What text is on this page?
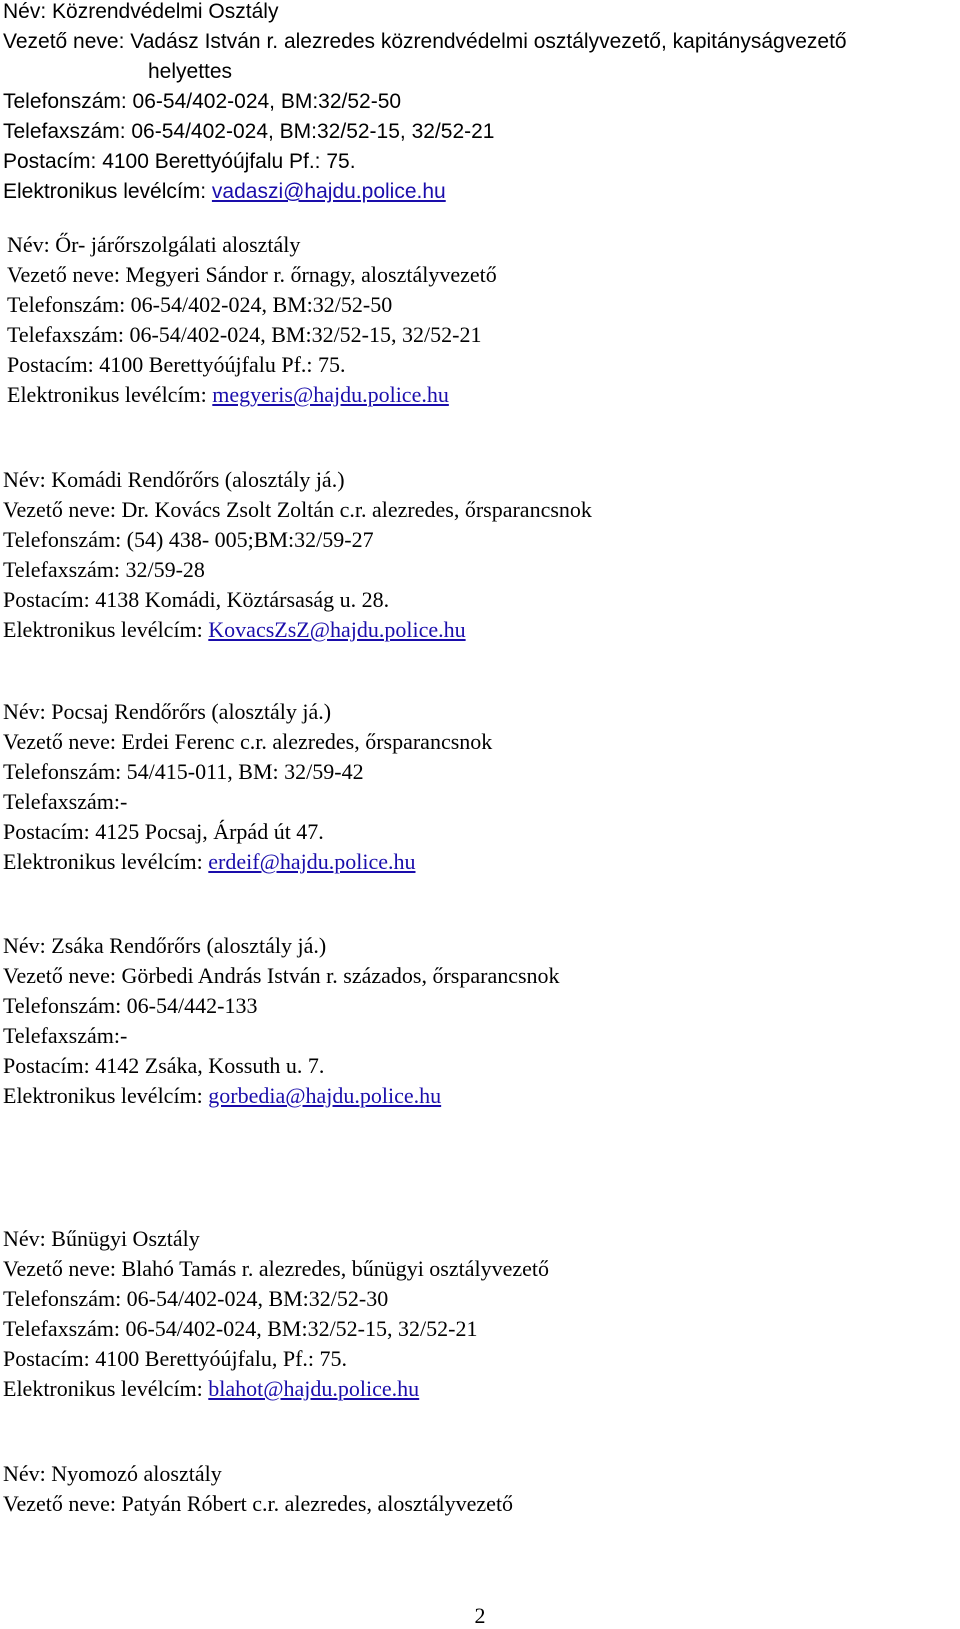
Név: Közrendvédelmi Osztály
Vezető neve: Vadász István r. alezredes közrendvédelmi osztályvezető, kapitányságvezető
helyettes
Telefonszám: 06-54/402-024, BM:32/52-50
Telefaxszám: 06-54/402-024, BM:32/52-15, 32/52-21
Postacím: 4100 Berettyóújfalu Pf.: 75.
Elektronikus levélcím: vadaszi@hajdu.police.hu
Név: Őr- járőrszolgálati alosztály
Vezető neve: Megyeri Sándor r. őrnagy, alosztályvezető
Telefonszám: 06-54/402-024, BM:32/52-50
Telefaxszám: 06-54/402-024, BM:32/52-15, 32/52-21
Postacím: 4100 Berettyóújfalu Pf.: 75.
Elektronikus levélcím: megyeris@hajdu.police.hu
Név: Komádi Rendőrőrs (alosztály já.)
Vezető neve: Dr. Kovács Zsolt Zoltán c.r. alezredes, őrsparancsnok
Telefonszám: (54) 438- 005;BM:32/59-27
Telefaxszám: 32/59-28
Postacím: 4138 Komádi, Köztársaság u. 28.
Elektronikus levélcím: KovacsZsZ@hajdu.police.hu
Név: Pocsaj Rendőrőrs (alosztály já.)
Vezető neve: Erdei Ferenc c.r. alezredes, őrsparancsnok
Telefonszám: 54/415-011, BM: 32/59-42
Telefaxszám:-
Postacím: 4125 Pocsaj, Árpád út 47.
Elektronikus levélcím: erdeif@hajdu.police.hu
Név: Zsáka Rendőrőrs (alosztály já.)
Vezető neve: Görbedi András István r. százados, őrsparancsnok
Telefonszám: 06-54/442-133
Telefaxszám:-
Postacím: 4142 Zsáka, Kossuth u. 7.
Elektronikus levélcím: gorbedia@hajdu.police.hu
Név: Bűnügyi Osztály
Vezető neve: Blahó Tamás r. alezredes, bűnügyi osztályvezető
Telefonszám: 06-54/402-024, BM:32/52-30
Telefaxszám: 06-54/402-024, BM:32/52-15, 32/52-21
Postacím: 4100 Berettyóújfalu, Pf.: 75.
Elektronikus levélcím: blahot@hajdu.police.hu
Név: Nyomozó alosztály
Vezető neve: Patyán Róbert c.r. alezredes, alosztályvezető
2
